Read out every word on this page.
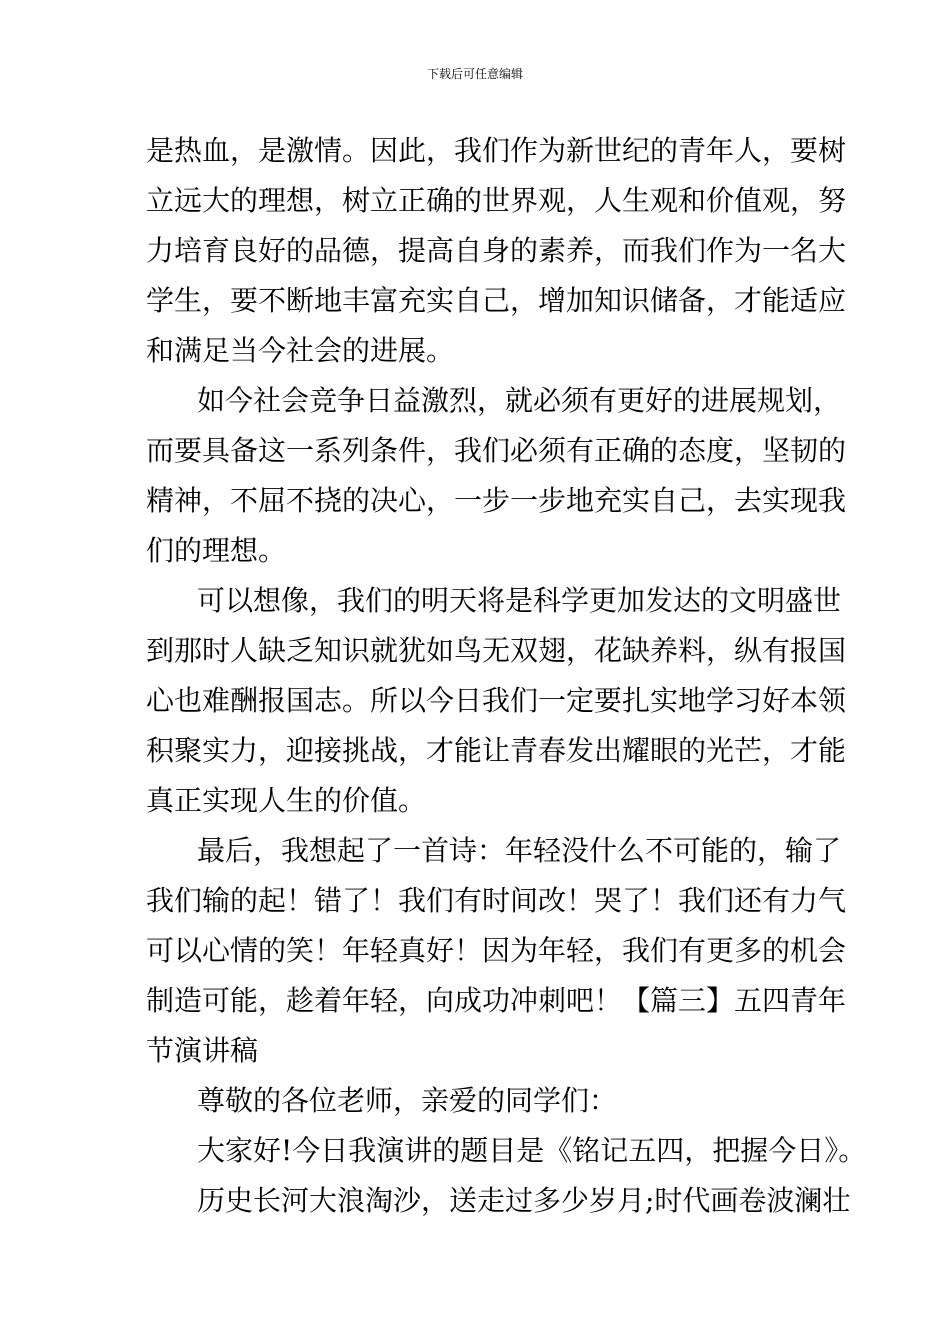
下载后可任意编辑
是热血，是激情。因此，我们作为新世纪的青年人，要树
立远大的理想，树立正确的世界观，人生观和价值观，努
力培育良好的品德，提高自身的素养，而我们作为一名大
学生，要不断地丰富充实自己，增加知识储备，才能适应
和满足当今社会的进展。
如今社会竞争日益激烈，就必须有更好的进展规划，
而要具备这一系列条件，我们必须有正确的态度，坚韧的
精神，不屈不挠的决心，一步一步地充实自己，去实现我
们的理想。
可以想像，我们的明天将是科学更加发达的文明盛世
到那时人缺乏知识就犹如鸟无双翅，花缺养料，纵有报国
心也难酬报国志。所以今日我们一定要扎实地学习好本领
积聚实力，迎接挑战，才能让青春发出耀眼的光芒，才能
真正实现人生的价值。
最后，我想起了一首诗：年轻没什么不可能的，输了
我们输的起！错了！我们有时间改！哭了！我们还有力气
可以心情的笑！年轻真好！因为年轻，我们有更多的机会
制造可能，趁着年轻，向成功冲刺吧！【篇三】五四青年
节演讲稿
尊敬的各位老师，亲爱的同学们：
大家好!今日我演讲的题目是《铭记五四，把握今日》。
历史长河大浪淘沙，送走过多少岁月;时代画卷波澜壮
